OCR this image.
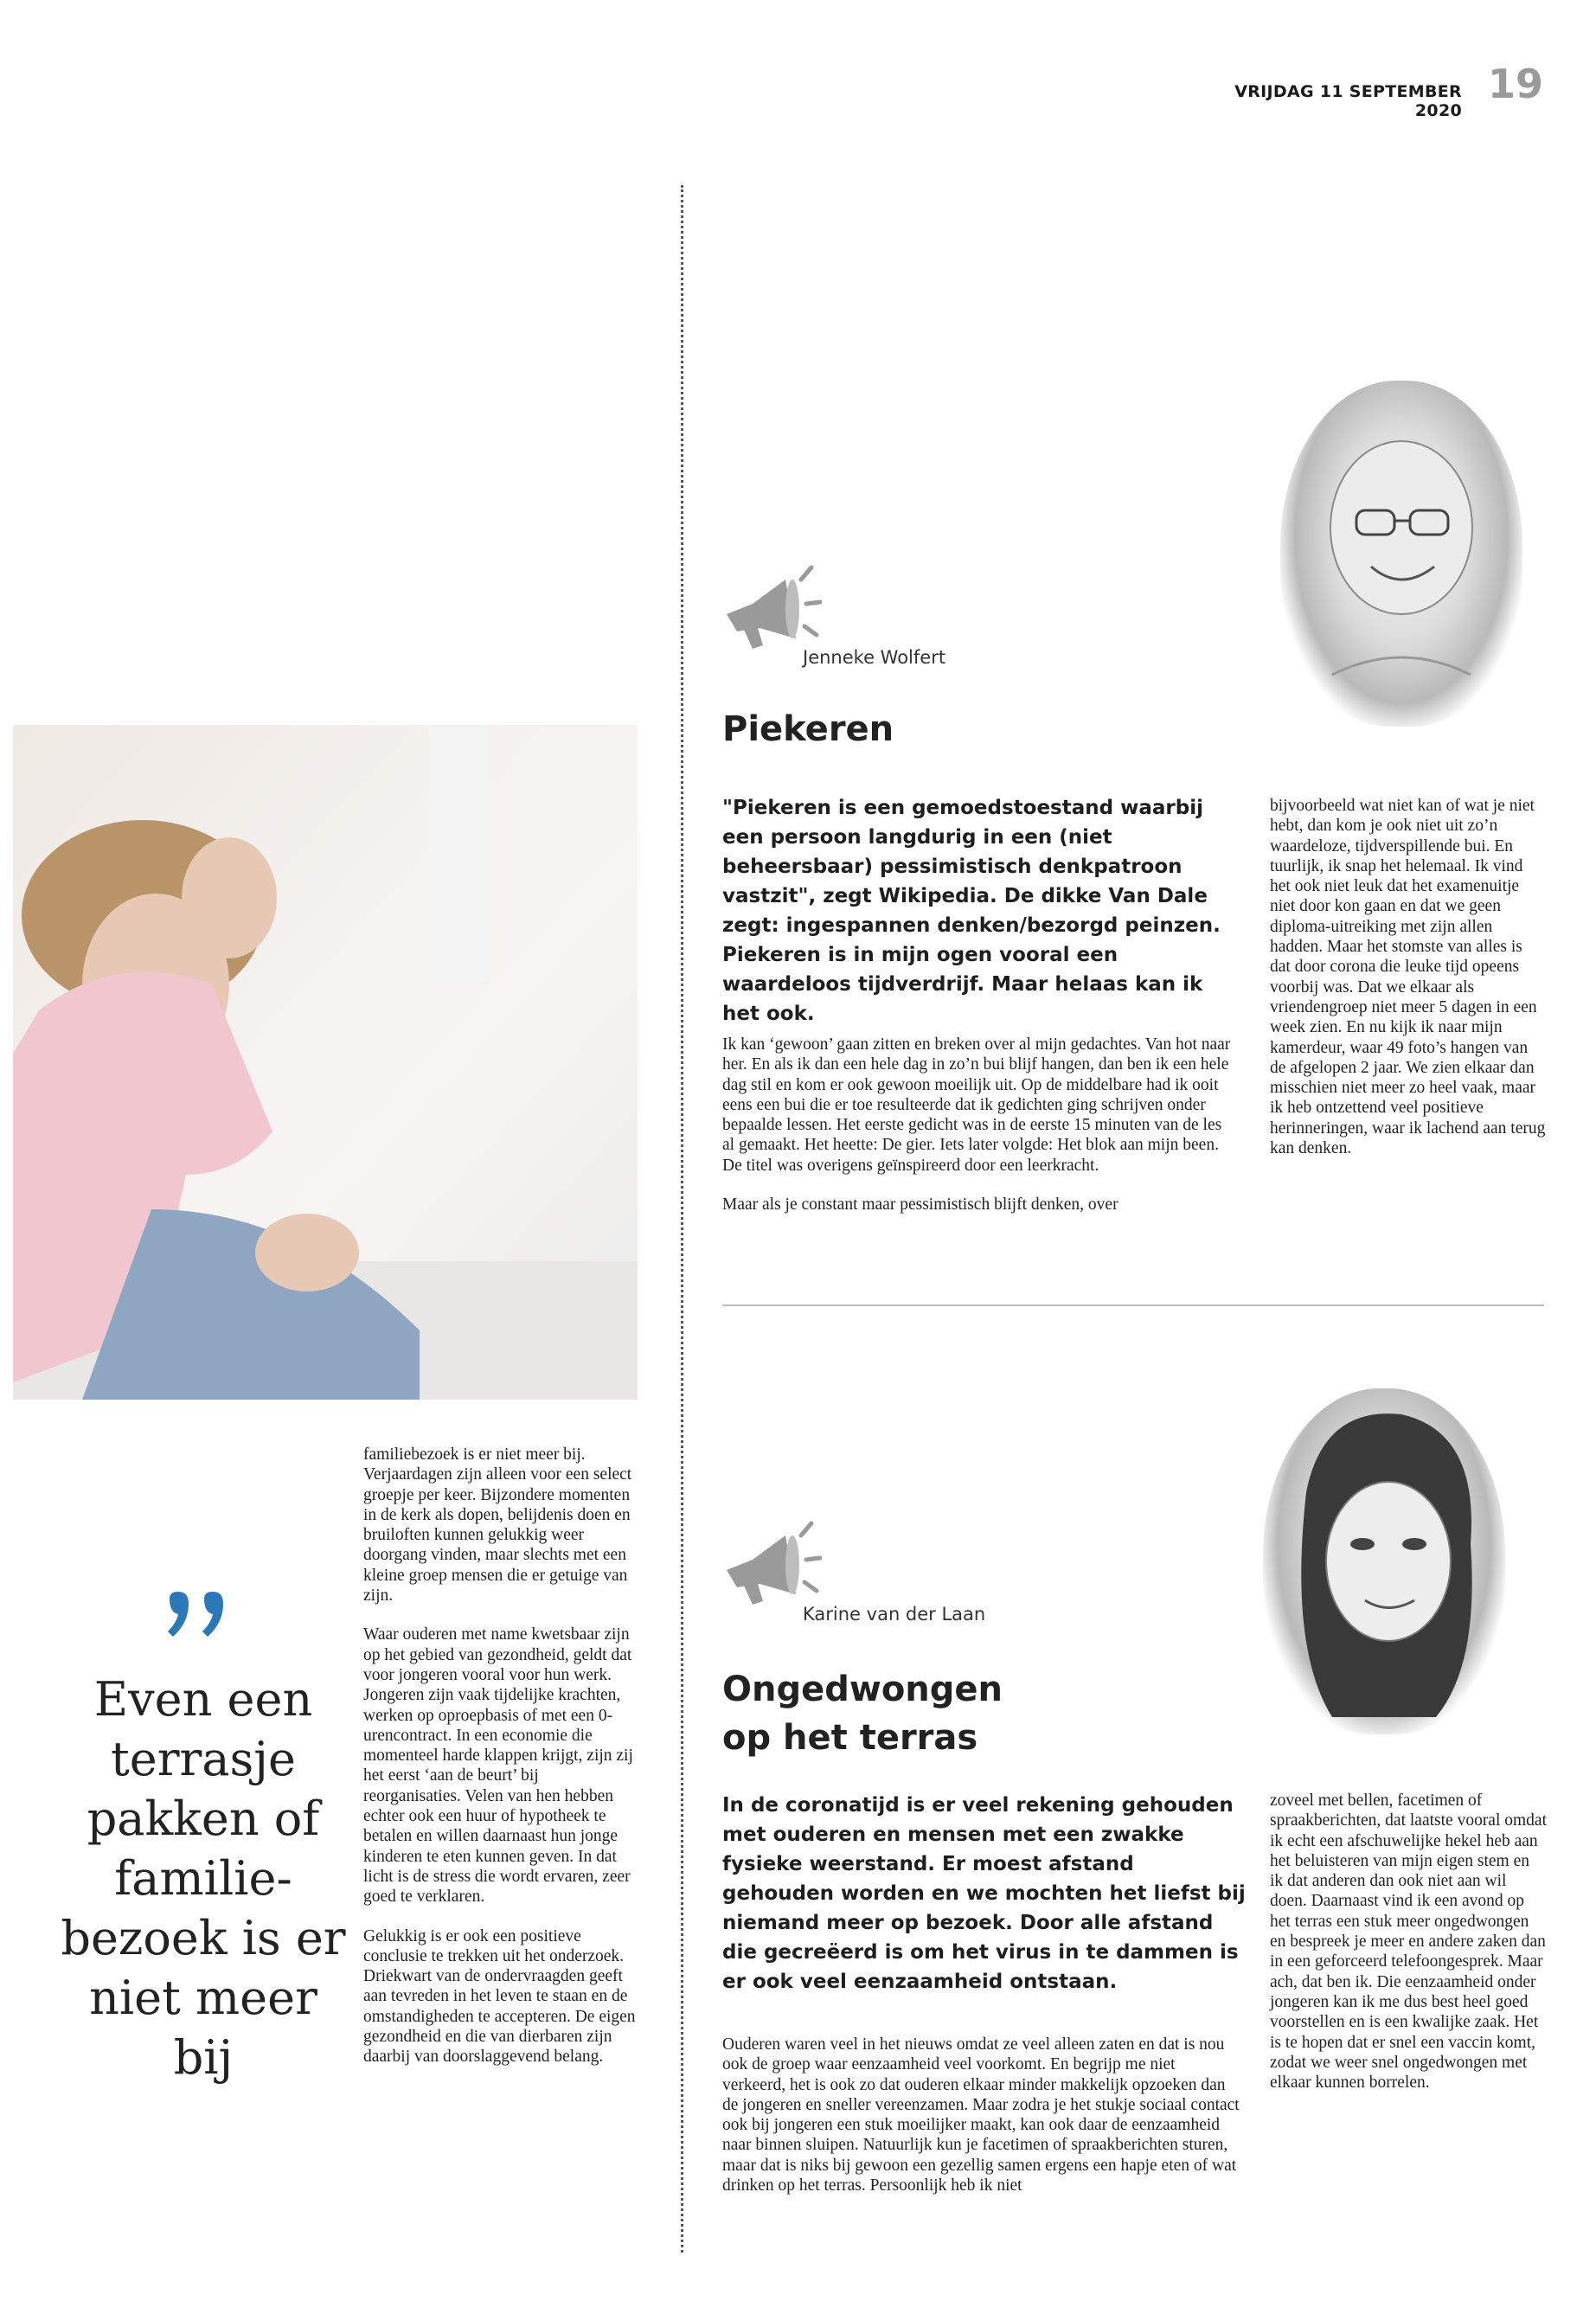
VRIJDAG 11 SEPTEMBER 2020
19

familiebezoek is er niet meer bij. Verjaardagen zijn alleen voor een select groepje per keer. Bijzondere momenten in de kerk als dopen, belijdenis doen en bruiloften kunnen gelukkig weer doorgang vinden, maar slechts met een kleine groep mensen die er getuige van zijn.

Waar ouderen met name kwetsbaar zijn op het gebied van gezondheid, geldt dat voor jongeren vooral voor hun werk. Jongeren zijn vaak tijdelijke krachten, werken op oproepbasis of met een 0-urencontract. In een economie die momenteel harde klappen krijgt, zijn zij het eerst ‘aan de beurt’ bij reorganisaties. Velen van hen hebben echter ook een huur of hypotheek te betalen en willen daarnaast hun jonge kinderen te eten kunnen geven. In dat licht is de stress die wordt ervaren, zeer goed te verklaren.

Gelukkig is er ook een positieve conclusie te trekken uit het onderzoek. Driekwart van de ondervraagden geeft aan tevreden in het leven te staan en de omstandigheden te accepteren. De eigen gezondheid en die van dierbaren zijn daarbij van doorslaggevend belang.

Even een terrasje pakken of familie-bezoek is er niet meer bij
Jenneke Wolfert
Piekeren
"Piekeren is een gemoedstoestand waarbij een persoon langdurig in een (niet beheersbaar) pessimistisch denkpatroon vastzit", zegt Wikipedia. De dikke Van Dale zegt: ingespannen denken/bezorgd peinzen. Piekeren is in mijn ogen vooral een waardeloos tijdverdrijf. Maar helaas kan ik het ook.

Ik kan ‘gewoon’ gaan zitten en breken over al mijn gedachtes. Van hot naar her. En als ik dan een hele dag in zo’n bui blijf hangen, dan ben ik een hele dag stil en kom er ook gewoon moeilijk uit. Op de middelbare had ik ooit eens een bui die er toe resulteerde dat ik gedichten ging schrijven onder bepaalde lessen. Het eerste gedicht was in de eerste 15 minuten van de les al gemaakt. Het heette: De gier. Iets later volgde: Het blok aan mijn been. De titel was overigens geïnspireerd door een leerkracht.

Maar als je constant maar pessimistisch blijft denken, over

bijvoorbeeld wat niet kan of wat je niet hebt, dan kom je ook niet uit zo’n waardeloze, tijdverspillende bui. En tuurlijk, ik snap het helemaal. Ik vind het ook niet leuk dat het examenuitje niet door kon gaan en dat we geen diploma-uitreiking met zijn allen hadden. Maar het stomste van alles is dat door corona die leuke tijd opeens voorbij was. Dat we elkaar als vriendengroep niet meer 5 dagen in een week zien. En nu kijk ik naar mijn kamerdeur, waar 49 foto’s hangen van de afgelopen 2 jaar. We zien elkaar dan misschien niet meer zo heel vaak, maar ik heb ontzettend veel positieve herinneringen, waar ik lachend aan terug kan denken.
Karine van der Laan
Ongedwongen
op het terras
In de coronatijd is er veel rekening gehouden met ouderen en mensen met een zwakke fysieke weerstand. Er moest afstand gehouden worden en we mochten het liefst bij niemand meer op bezoek. Door alle afstand die gecreëerd is om het virus in te dammen is er ook veel eenzaamheid ontstaan.
Ouderen waren veel in het nieuws omdat ze veel alleen zaten en dat is nou ook de groep waar eenzaamheid veel voorkomt. En begrijp me niet verkeerd, het is ook zo dat ouderen elkaar minder makkelijk opzoeken dan de jongeren en sneller vereenzamen. Maar zodra je het stukje sociaal contact ook bij jongeren een stuk moeilijker maakt, kan ook daar de eenzaamheid naar binnen sluipen. Natuurlijk kun je facetimen of spraakberichten sturen, maar dat is niks bij gewoon een gezellig samen ergens een hapje eten of wat drinken op het terras. Persoonlijk heb ik niet
zoveel met bellen, facetimen of spraakberichten, dat laatste vooral omdat ik echt een afschuwelijke hekel heb aan het beluisteren van mijn eigen stem en ik dat anderen dan ook niet aan wil doen. Daarnaast vind ik een avond op het terras een stuk meer ongedwongen en bespreek je meer en andere zaken dan in een geforceerd telefoongesprek. Maar ach, dat ben ik. Die eenzaamheid onder jongeren kan ik me dus best heel goed voorstellen en is een kwalijke zaak. Het is te hopen dat er snel een vaccin komt, zodat we weer snel ongedwongen met elkaar kunnen borrelen.
